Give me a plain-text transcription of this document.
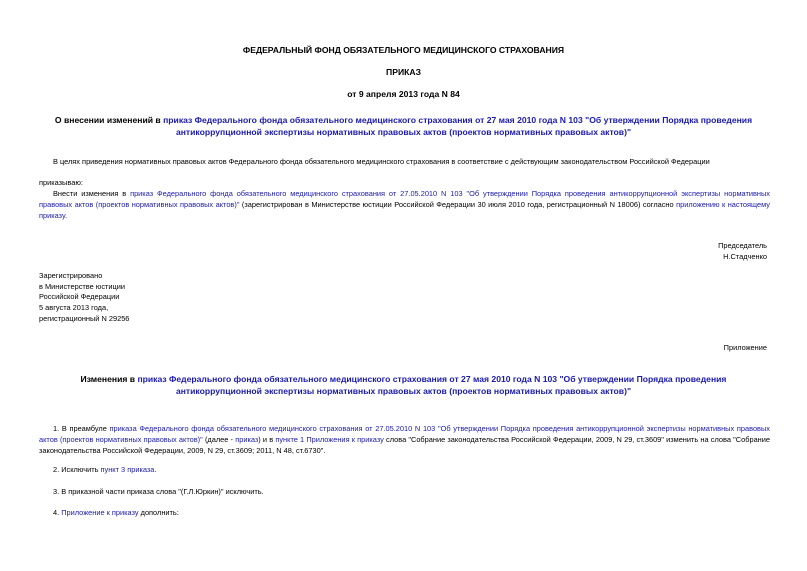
ФЕДЕРАЛЬНЫЙ ФОНД ОБЯЗАТЕЛЬНОГО МЕДИЦИНСКОГО СТРАХОВАНИЯ
ПРИКАЗ
от 9 апреля 2013 года N 84
О внесении изменений в приказ Федерального фонда обязательного медицинского страхования от 27 мая 2010 года N 103 "Об утверждении Порядка проведения антикоррупционной экспертизы нормативных правовых актов (проектов нормативных правовых актов)"
В целях приведения нормативных правовых актов Федерального фонда обязательного медицинского страхования в соответствие с действующим законодательством Российской Федерации
приказываю:
Внести изменения в приказ Федерального фонда обязательного медицинского страхования от 27.05.2010 N 103 "Об утверждении Порядка проведения антикоррупционной экспертизы нормативных правовых актов (проектов нормативных правовых актов)" (зарегистрирован в Министерстве юстиции Российской Федерации 30 июля 2010 года, регистрационный N 18006) согласно приложению к настоящему приказу.
Председатель
Н.Стадченко
Зарегистрировано
в Министерстве юстиции
Российской Федерации
5 августа 2013 года,
регистрационный N 29256
Приложение
Изменения в приказ Федерального фонда обязательного медицинского страхования от 27 мая 2010 года N 103 "Об утверждении Порядка проведения антикоррупционной экспертизы нормативных правовых актов (проектов нормативных правовых актов)"
1. В преамбуле приказа Федерального фонда обязательного медицинского страхования от 27.05.2010 N 103 "Об утверждении Порядка проведения антикоррупционной экспертизы нормативных правовых актов (проектов нормативных правовых актов)" (далее - приказ) и в пункте 1 Приложения к приказу слова "Собрание законодательства Российской Федерации, 2009, N 29, ст.3609" изменить на слова "Собрание законодательства Российской Федерации, 2009, N 29, ст.3609; 2011, N 48, ст.6730".
2. Исключить пункт 3 приказа.
3. В приказной части приказа слова "(Г.Л.Юркин)" исключить.
4. Приложение к приказу дополнить:
